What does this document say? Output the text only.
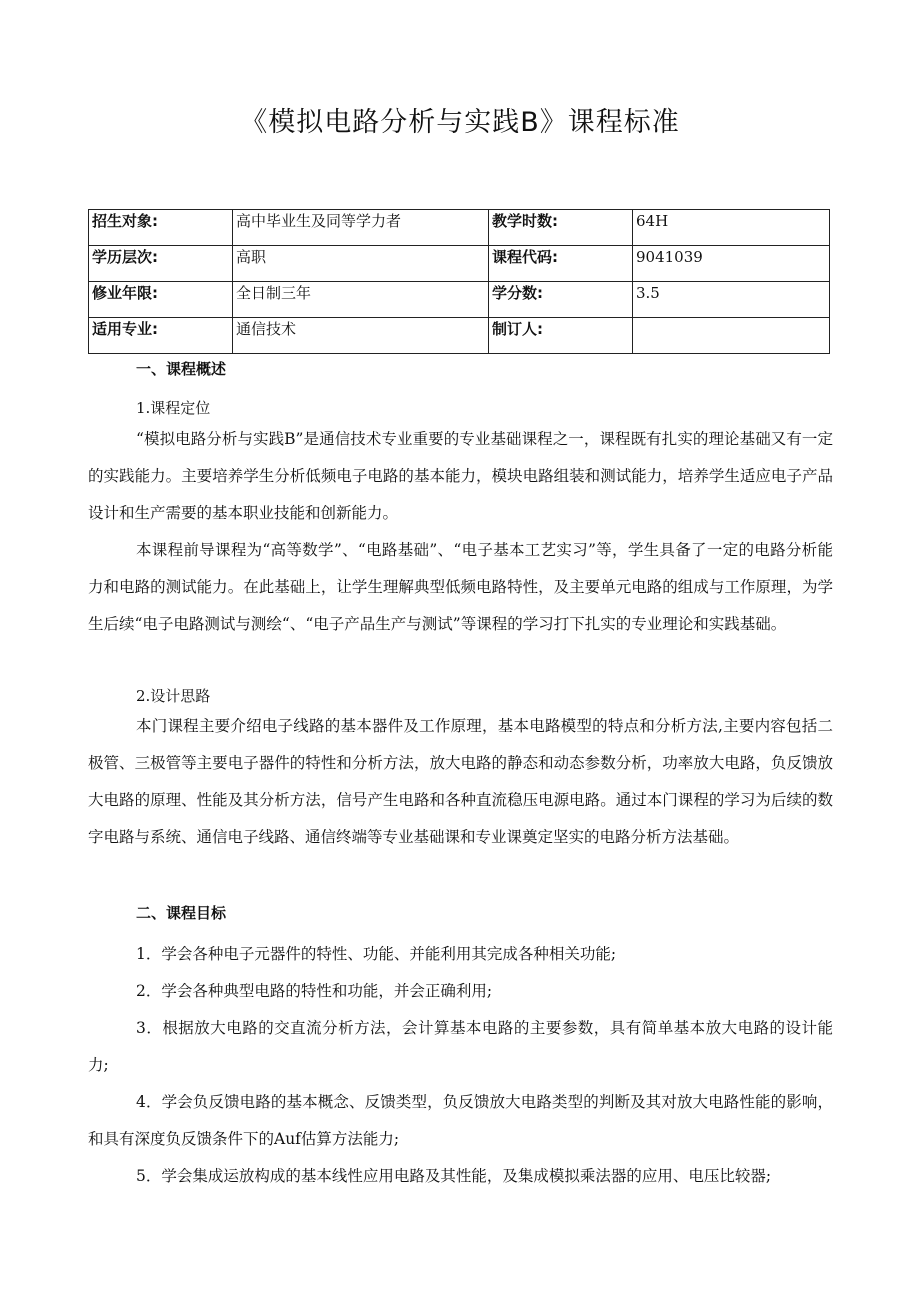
《模拟电路分析与实践B》课程标准
招生对象:	高中毕业生及同等学力者	教学时数:	64H
学历层次:	高职	课程代码:	9041039
修业年限:	全日制三年	学分数:	3.5
适用专业:	通信技术	制订人:	
一、课程概述
1.课程定位

“模拟电路分析与实践B”是通信技术专业重要的专业基础课程之一，课程既有扎实的理论基础又有一定的实践能力。主要培养学生分析低频电子电路的基本能力，模块电路组装和测试能力，培养学生适应电子产品设计和生产需要的基本职业技能和创新能力。

本课程前导课程为“高等数学”、“电路基础”、“电子基本工艺实习”等，学生具备了一定的电路分析能力和电路的测试能力。在此基础上，让学生理解典型低频电路特性，及主要单元电路的组成与工作原理，为学生后续“电子电路测试与测绘“、“电子产品生产与测试”等课程的学习打下扎实的专业理论和实践基础。

2.设计思路

本门课程主要介绍电子线路的基本器件及工作原理，基本电路模型的特点和分析方法,主要内容包括二极管、三极管等主要电子器件的特性和分析方法，放大电路的静态和动态参数分析，功率放大电路，负反馈放大电路的原理、性能及其分析方法，信号产生电路和各种直流稳压电源电路。通过本门课程的学习为后续的数字电路与系统、通信电子线路、通信终端等专业基础课和专业课奠定坚实的电路分析方法基础。

二、课程目标

1．学会各种电子元器件的特性、功能、并能利用其完成各种相关功能;

2．学会各种典型电路的特性和功能，并会正确利用;

3．根据放大电路的交直流分析方法，会计算基本电路的主要参数，具有简单基本放大电路的设计能力;

4．学会负反馈电路的基本概念、反馈类型，负反馈放大电路类型的判断及其对放大电路性能的影响，和具有深度负反馈条件下的Auf估算方法能力;

5．学会集成运放构成的基本线性应用电路及其性能，及集成模拟乘法器的应用、电压比较器;
